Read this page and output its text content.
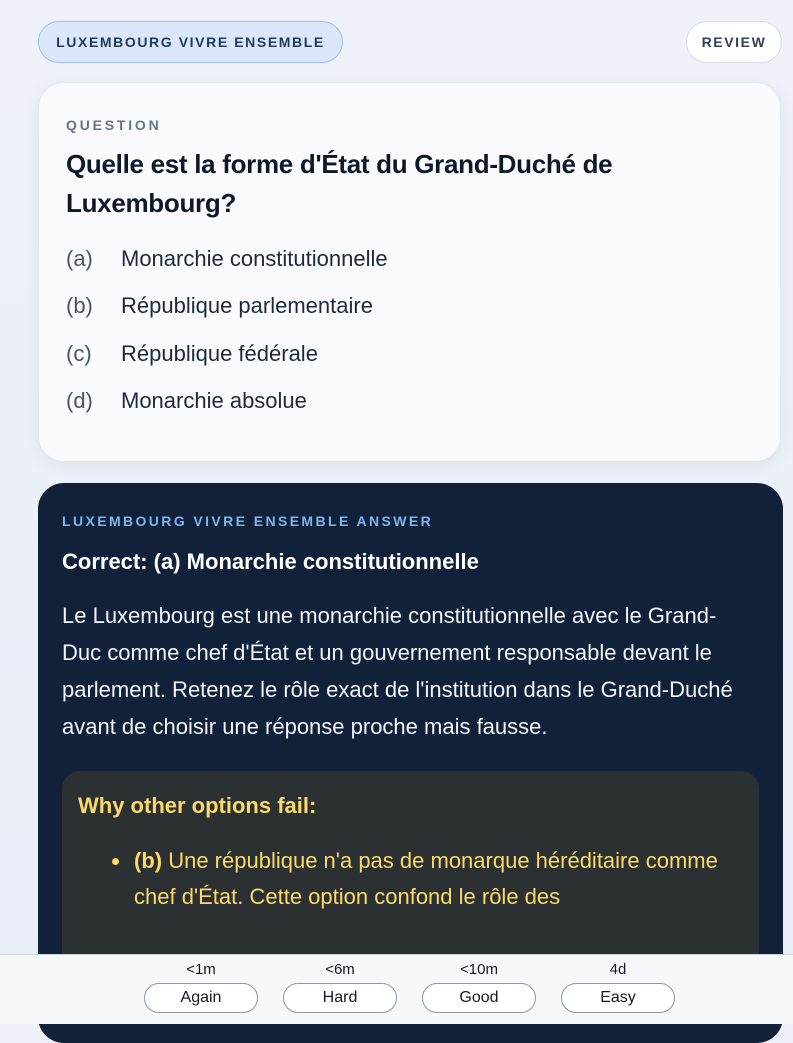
LUXEMBOURG VIVRE ENSEMBLE	REVIEW
QUESTION
Quelle est la forme d'État du Grand-Duché de Luxembourg?
(a)	Monarchie constitutionnelle
(b)	République parlementaire
(c)	République fédérale
(d)	Monarchie absolue
LUXEMBOURG VIVRE ENSEMBLE ANSWER
Correct: (a) Monarchie constitutionnelle
Le Luxembourg est une monarchie constitutionnelle avec le Grand-Duc comme chef d'État et un gouvernement responsable devant le parlement. Retenez le rôle exact de l'institution dans le Grand-Duché avant de choisir une réponse proche mais fausse.
Why other options fail:
• (b) Une république n'a pas de monarque héréditaire comme chef d'État. Cette option confond le rôle des
<1m
Again
<6m
Hard
<10m
Good
4d
Easy
